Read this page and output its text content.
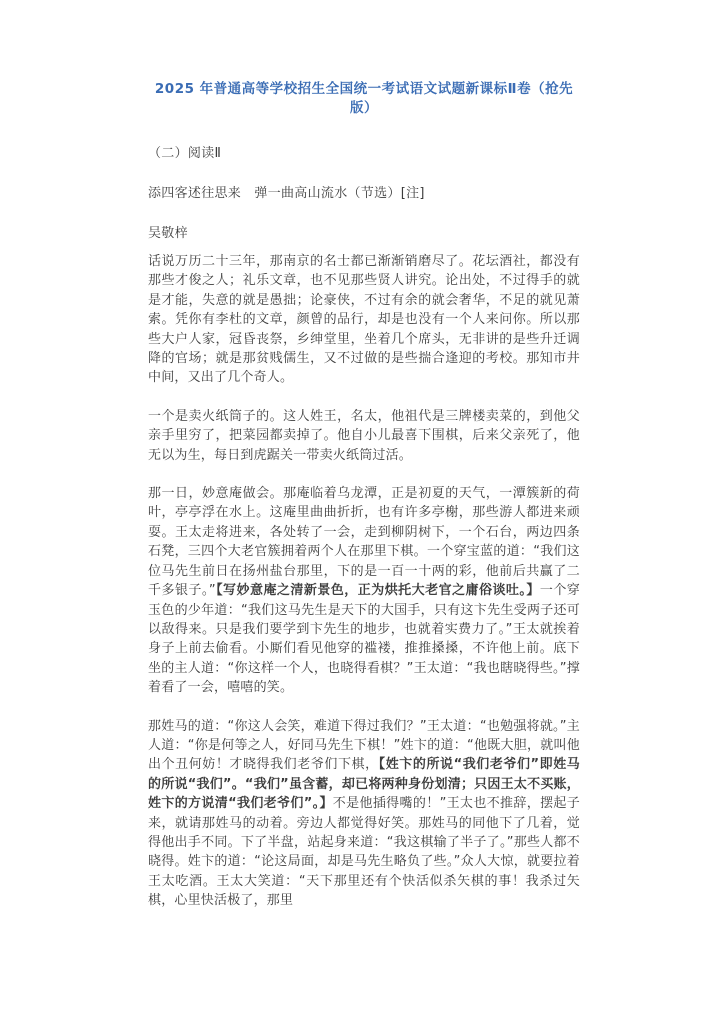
2025 年普通高等学校招生全国统一考试语文试题新课标Ⅱ卷（抢先版）
（二）阅读Ⅱ
添四客述往思来　弹一曲高山流水（节选）[注]
吴敬梓

话说万历二十三年，那南京的名士都已渐渐销磨尽了。花坛酒社，都没有那些才俊之人；礼乐文章，也不见那些贤人讲究。论出处，不过得手的就是才能，失意的就是愚拙；论豪侠，不过有余的就会奢华，不足的就见萧索。凭你有李杜的文章，颜曾的品行，却是也没有一个人来问你。所以那些大户人家，冠昏丧祭，乡绅堂里，坐着几个席头，无非讲的是些升迁调降的官场；就是那贫贱儒生，又不过做的是些揣合逢迎的考校。那知市井中间，又出了几个奇人。

一个是卖火纸筒子的。这人姓王，名太，他祖代是三牌楼卖菜的，到他父亲手里穷了，把菜园都卖掉了。他自小儿最喜下围棋，后来父亲死了，他无以为生，每日到虎踞关一带卖火纸筒过活。

那一日，妙意庵做会。那庵临着乌龙潭，正是初夏的天气，一潭簇新的荷叶，亭亭浮在水上。这庵里曲曲折折，也有许多亭榭，那些游人都进来顽耍。王太走将进来，各处转了一会，走到柳阴树下，一个石台，两边四条石凳，三四个大老官簇拥着两个人在那里下棋。一个穿宝蓝的道：“我们这位马先生前日在扬州盐台那里，下的是一百一十两的彩，他前后共赢了二千多银子。”【写妙意庵之清新景色，正为烘托大老官之庸俗谈吐。】一个穿玉色的少年道：“我们这马先生是天下的大国手，只有这卞先生受两子还可以敌得来。只是我们要学到卞先生的地步，也就着实费力了。”王太就挨着身子上前去偷看。小厮们看见他穿的褴褛，推推搡搡，不许他上前。底下坐的主人道：“你这样一个人，也晓得看棋？”王太道：“我也瞎晓得些。”撑着看了一会，嘻嘻的笑。

那姓马的道：“你这人会笑，难道下得过我们？”王太道：“也勉强将就。”主人道：“你是何等之人，好同马先生下棋！”姓卞的道：“他既大胆，就叫他出个丑何妨！才晓得我们老爷们下棋，【姓卞的所说“我们老爷们”即姓马的所说“我们”。“我们”虽含蓄，却已将两种身份划清；只因王太不买账，姓卞的方说清“我们老爷们”。】不是他插得嘴的！”王太也不推辞，摆起子来，就请那姓马的动着。旁边人都觉得好笑。那姓马的同他下了几着，觉得他出手不同。下了半盘，站起身来道：“我这棋输了半子了。”那些人都不晓得。姓卞的道：“论这局面，却是马先生略负了些。”众人大惊，就要拉着王太吃酒。王太大笑道：“天下那里还有个快活似杀矢棋的事！我杀过矢棋，心里快活极了，那里
